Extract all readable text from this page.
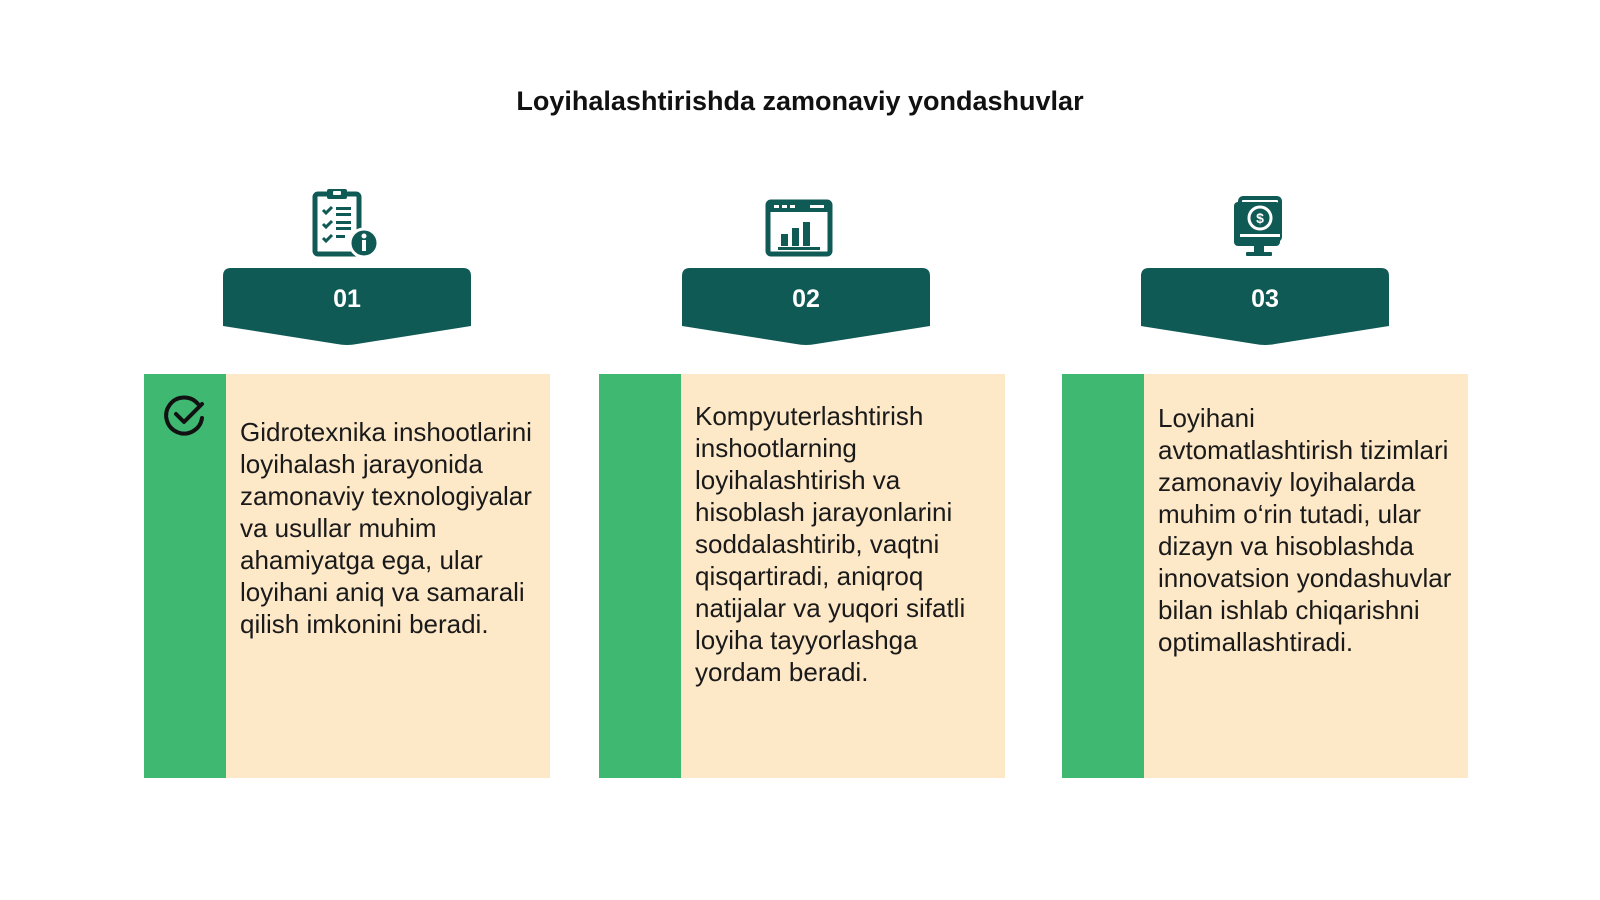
Loyihalashtirishda zamonaviy yondashuvlar
$
01	02	03
Gidrotexnika inshootlarini loyihalash jarayonida zamonaviy texnologiyalar va usullar muhim ahamiyatga ega, ular loyihani aniq va samarali qilish imkonini beradi.
Kompyuterlashtirish inshootlarning loyihalashtirish va hisoblash jarayonlarini soddalashtirib, vaqtni qisqartiradi, aniqroq natijalar va yuqori sifatli loyiha tayyorlashga yordam beradi.
Loyihani avtomatlashtirish tizimlari zamonaviy loyihalarda muhim o‘rin tutadi, ular dizayn va hisoblashda innovatsion yondashuvlar bilan ishlab chiqarishni optimallashtiradi.
